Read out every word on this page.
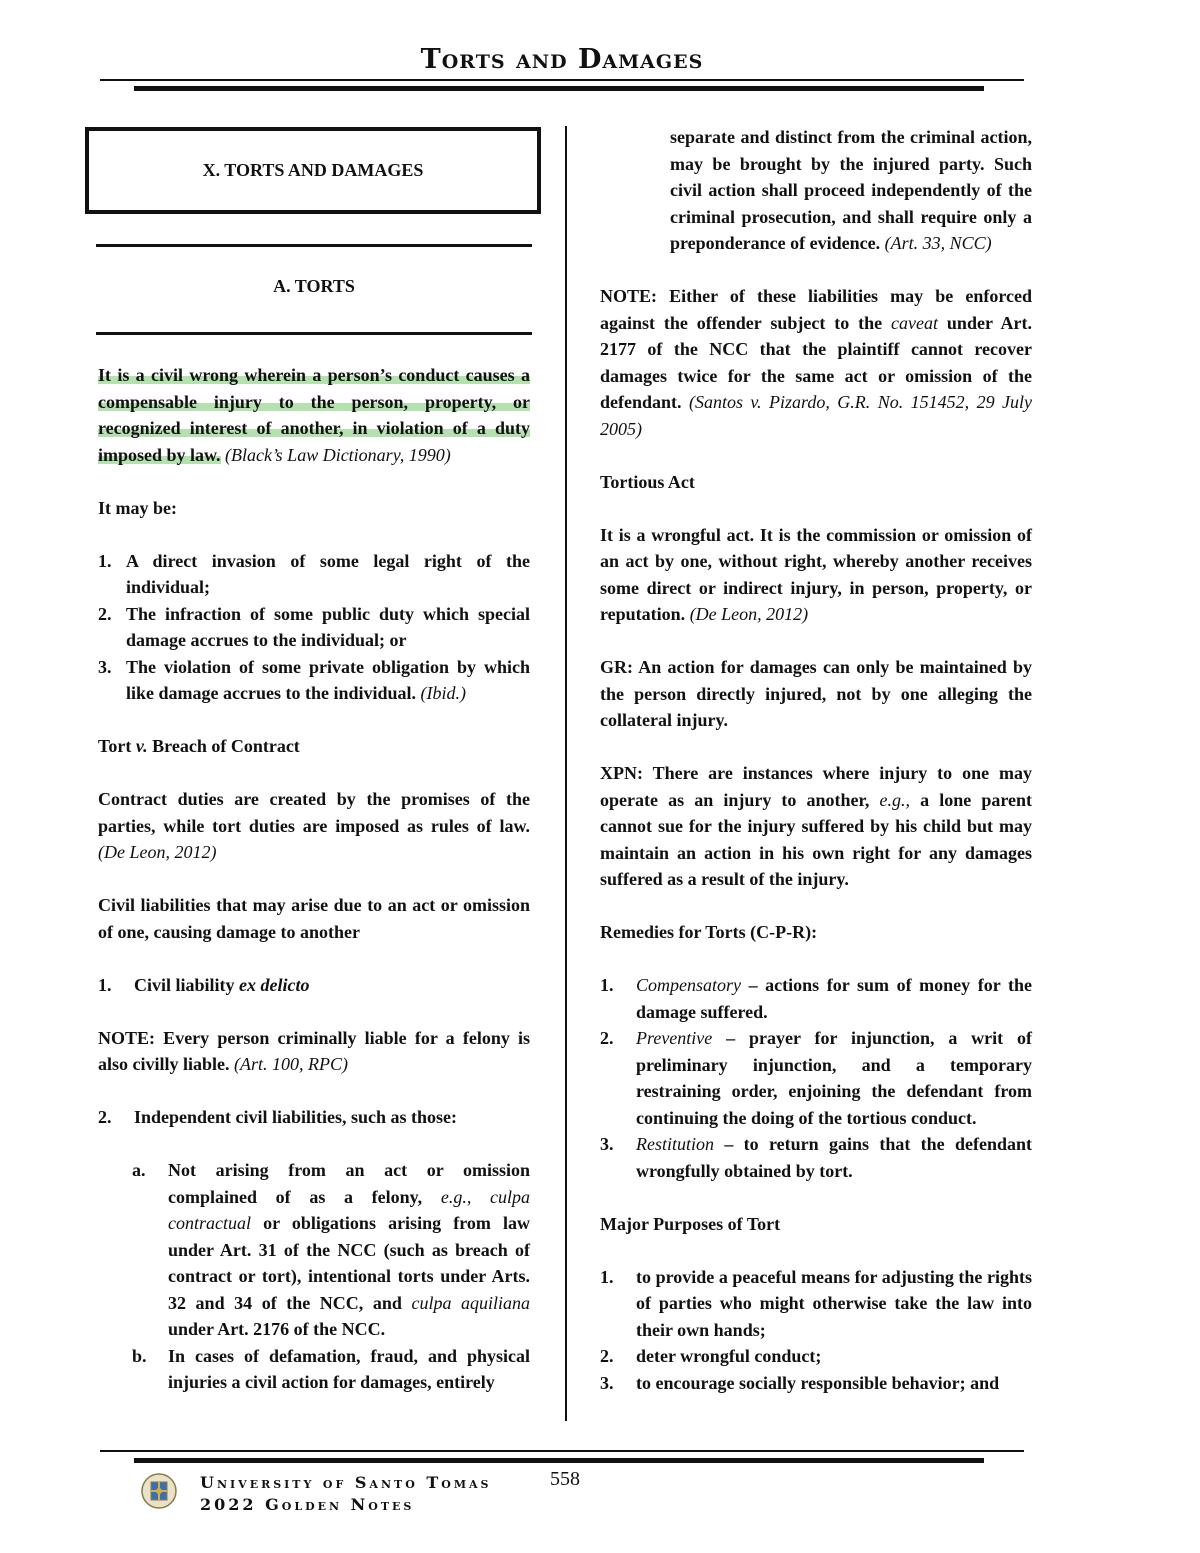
Torts and Damages
X. TORTS AND DAMAGES
A. TORTS

It is a civil wrong wherein a person’s conduct causes a compensable injury to the person, property, or recognized interest of another, in violation of a duty imposed by law. (Black’s Law Dictionary, 1990)

It may be:

1. A direct invasion of some legal right of the individual;
2. The infraction of some public duty which special damage accrues to the individual; or
3. The violation of some private obligation by which like damage accrues to the individual. (Ibid.)

Tort v. Breach of Contract

Contract duties are created by the promises of the parties, while tort duties are imposed as rules of law. (De Leon, 2012)

Civil liabilities that may arise due to an act or omission of one, causing damage to another

1. Civil liability ex delicto

NOTE: Every person criminally liable for a felony is also civilly liable. (Art. 100, RPC)

2. Independent civil liabilities, such as those:
a. Not arising from an act or omission complained of as a felony, e.g., culpa contractual or obligations arising from law under Art. 31 of the NCC (such as breach of contract or tort), intentional torts under Arts. 32 and 34 of the NCC, and culpa aquiliana under Art. 2176 of the NCC.
b. In cases of defamation, fraud, and physical injuries a civil action for damages, entirely

separate and distinct from the criminal action, may be brought by the injured party. Such civil action shall proceed independently of the criminal prosecution, and shall require only a preponderance of evidence. (Art. 33, NCC)

NOTE: Either of these liabilities may be enforced against the offender subject to the caveat under Art. 2177 of the NCC that the plaintiff cannot recover damages twice for the same act or omission of the defendant. (Santos v. Pizardo, G.R. No. 151452, 29 July 2005)

Tortious Act

It is a wrongful act. It is the commission or omission of an act by one, without right, whereby another receives some direct or indirect injury, in person, property, or reputation. (De Leon, 2012)

GR: An action for damages can only be maintained by the person directly injured, not by one alleging the collateral injury.

XPN: There are instances where injury to one may operate as an injury to another, e.g., a lone parent cannot sue for the injury suffered by his child but may maintain an action in his own right for any damages suffered as a result of the injury.

Remedies for Torts (C-P-R):

1. Compensatory – actions for sum of money for the damage suffered.
2. Preventive – prayer for injunction, a writ of preliminary injunction, and a temporary restraining order, enjoining the defendant from continuing the doing of the tortious conduct.
3. Restitution – to return gains that the defendant wrongfully obtained by tort.

Major Purposes of Tort

1. to provide a peaceful means for adjusting the rights of parties who might otherwise take the law into their own hands;
2. deter wrongful conduct;
3. to encourage socially responsible behavior; and
University of Santo Tomas
2022 Golden Notes
558
